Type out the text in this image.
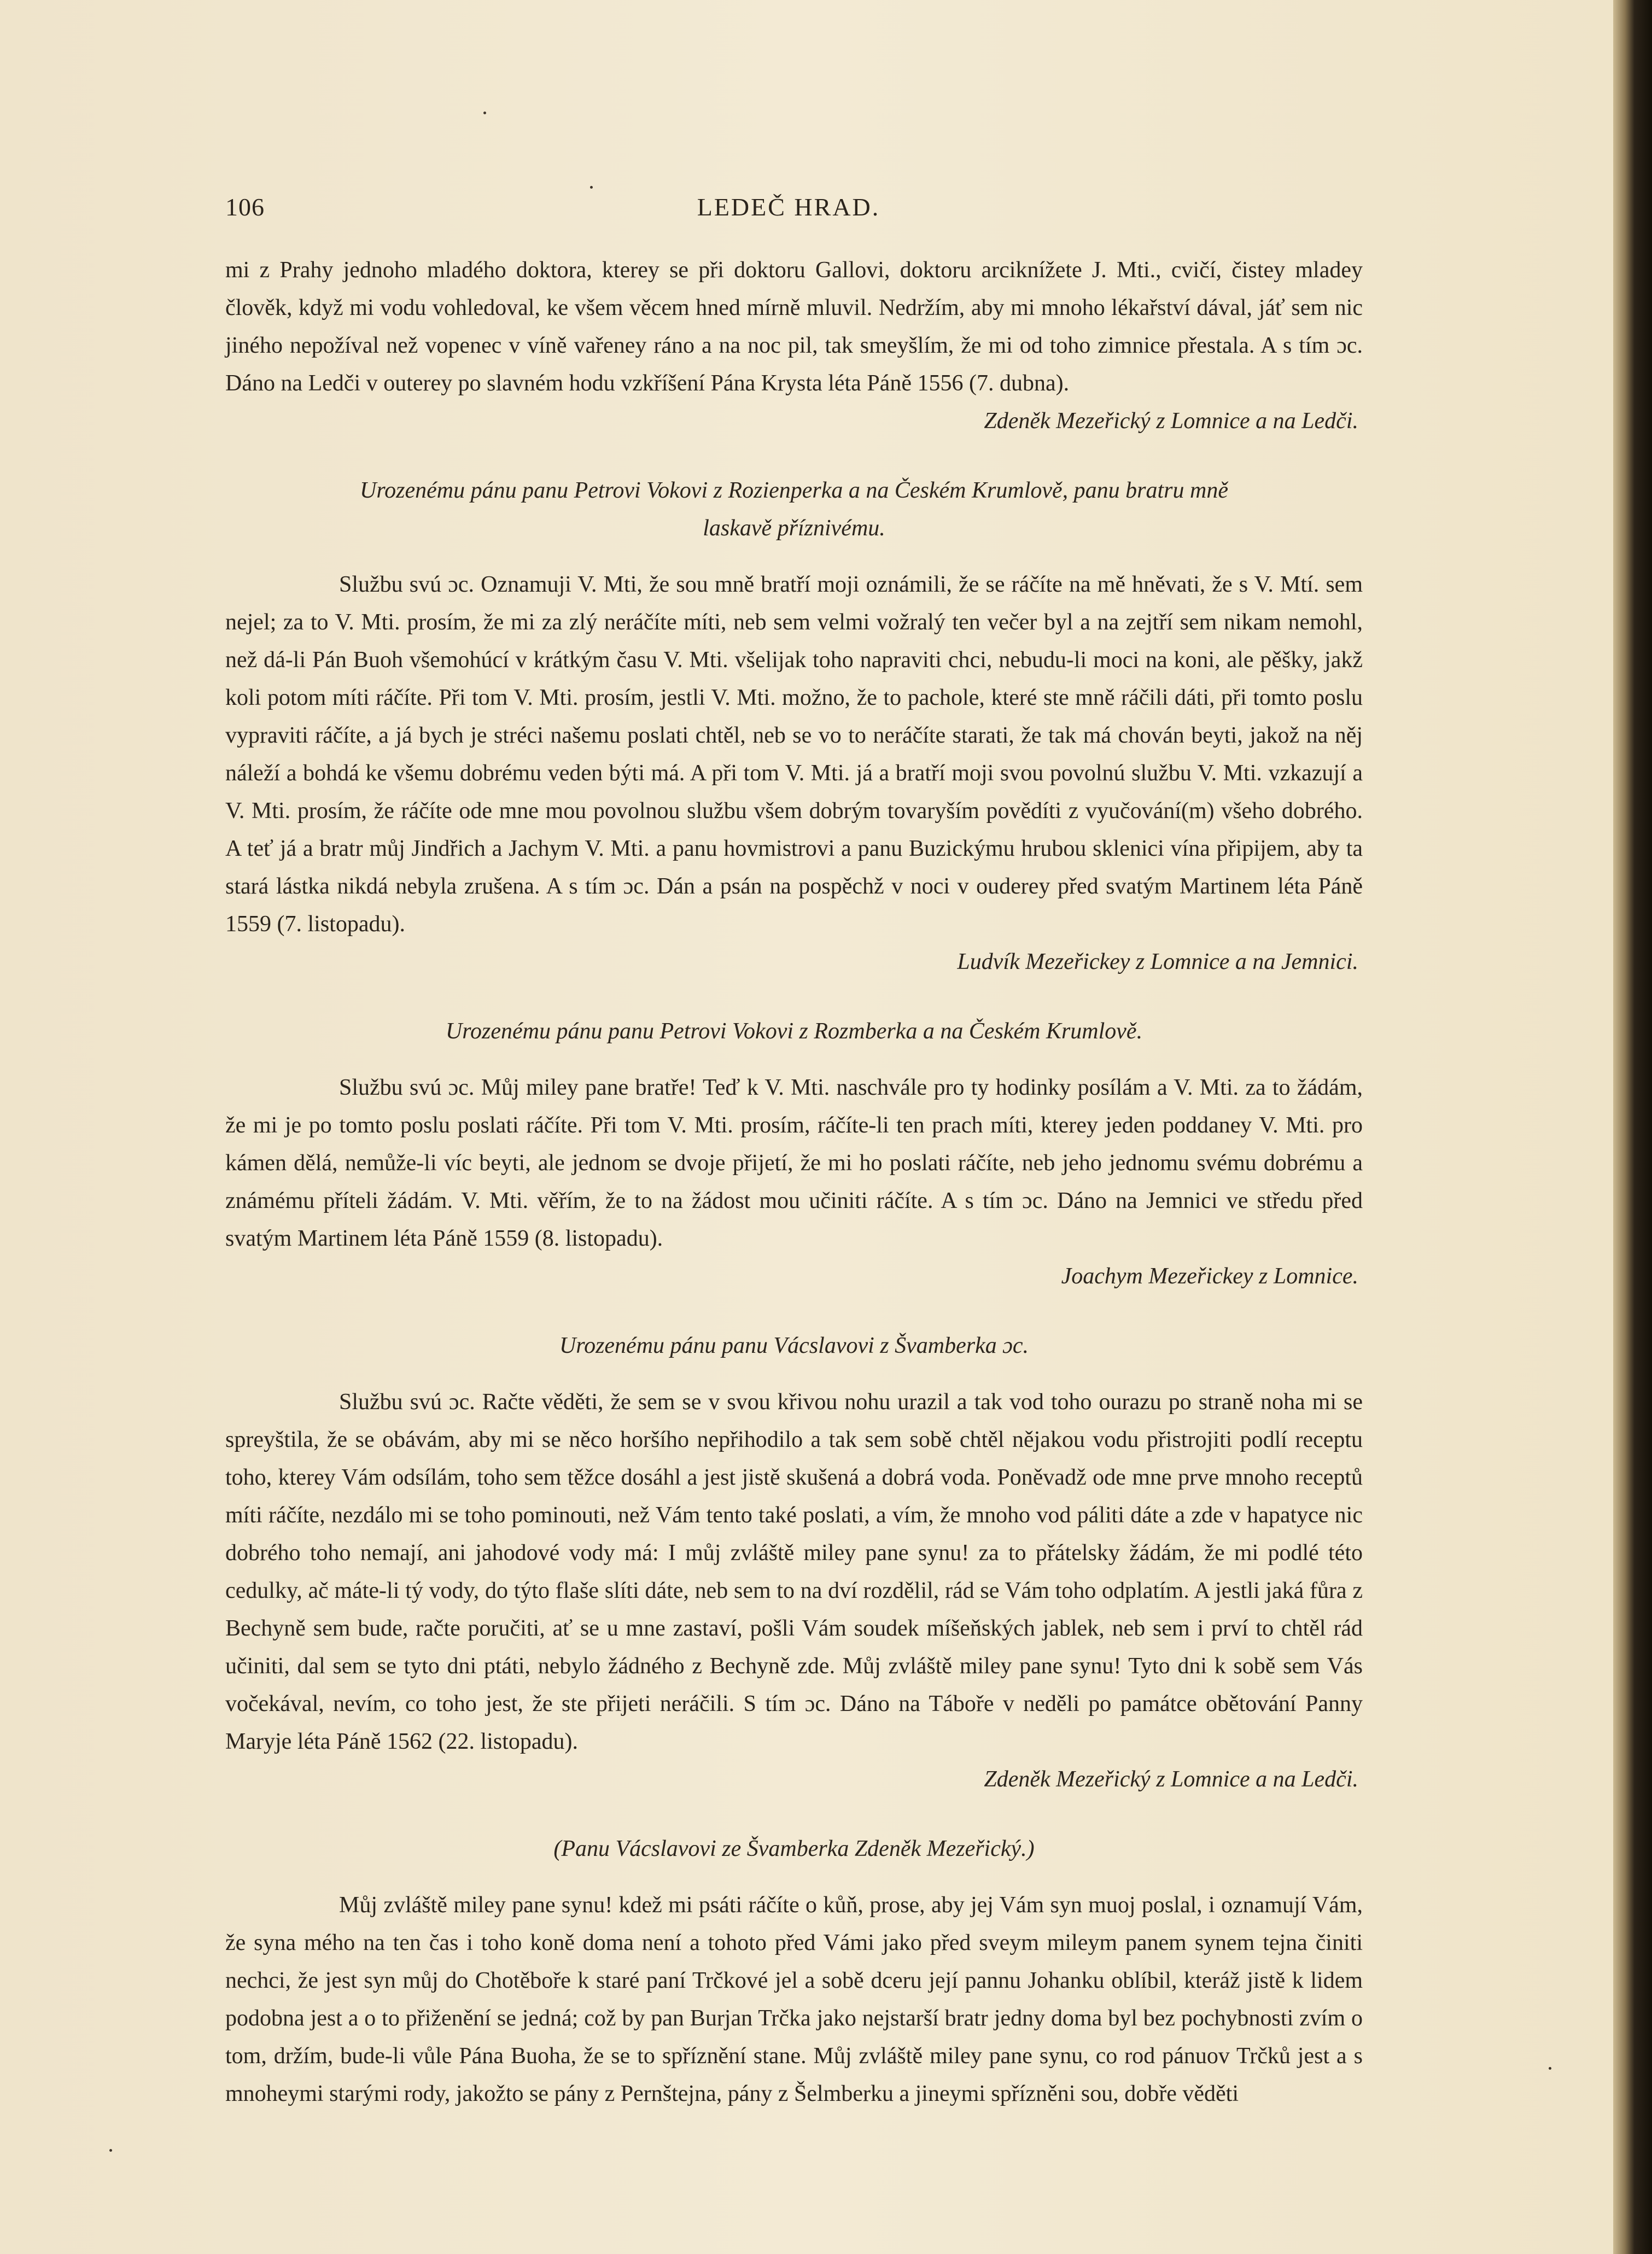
106	LEDEČ HRAD.

mi z Prahy jednoho mladého doktora, kterey se při doktoru Gallovi, doktoru arciknížete J. Mti., cvičí, čistey mladey člověk, když mi vodu vohledoval, ke všem věcem hned mírně mluvil. Nedržím, aby mi mnoho lékařství dával, jáť sem nic jiného nepožíval než vopenec v víně vařeney ráno a na noc pil, tak smeyšlím, že mi od toho zimnice přestala. A s tím ɔc. Dáno na Ledči v outerey po slavném hodu vzkříšení Pána Krysta léta Páně 1556 (7. dubna).

Zdeněk Mezeřický z Lomnice a na Ledči.

Urozenému pánu panu Petrovi Vokovi z Rozienperka a na Českém Krumlově, panu bratru mně laskavě příznivému.

Službu svú ɔc. Oznamuji V. Mti, že sou mně bratří moji oznámili, že se ráčíte na mě hněvati, že s V. Mtí. sem nejel; za to V. Mti. prosím, že mi za zlý neráčíte míti, neb sem velmi vožralý ten večer byl a na zejtří sem nikam nemohl, než dá-li Pán Buoh všemohúcí v krátkým času V. Mti. všelijak toho napraviti chci, nebudu-li moci na koni, ale pěšky, jakž koli potom míti ráčíte. Při tom V. Mti. prosím, jestli V. Mti. možno, že to pachole, které ste mně ráčili dáti, při tomto poslu vypraviti ráčíte, a já bych je stréci našemu poslati chtěl, neb se vo to neráčíte starati, že tak má chován beyti, jakož na něj náleží a bohdá ke všemu dobrému veden býti má. A při tom V. Mti. já a bratří moji svou povolnú službu V. Mti. vzkazují a V. Mti. prosím, že ráčíte ode mne mou povolnou službu všem dobrým tovaryším povědíti z vyučování(m) všeho dobrého. A teť já a bratr můj Jindřich a Jachym V. Mti. a panu hovmistrovi a panu Buzickýmu hrubou sklenici vína připijem, aby ta stará lástka nikdá nebyla zrušena. A s tím ɔc. Dán a psán na pospěchž v noci v ouderey před svatým Martinem léta Páně 1559 (7. listopadu).

Ludvík Mezeřickey z Lomnice a na Jemnici.

Urozenému pánu panu Petrovi Vokovi z Rozmberka a na Českém Krumlově.

Službu svú ɔc. Můj miley pane bratře! Teď k V. Mti. naschvále pro ty hodinky posílám a V. Mti. za to žádám, že mi je po tomto poslu poslati ráčíte. Při tom V. Mti. prosím, ráčíte-li ten prach míti, kterey jeden poddaney V. Mti. pro kámen dělá, nemůže-li víc beyti, ale jednom se dvoje přijetí, že mi ho poslati ráčíte, neb jeho jednomu svému dobrému a známému příteli žádám. V. Mti. věřím, že to na žádost mou učiniti ráčíte. A s tím ɔc. Dáno na Jemnici ve středu před svatým Martinem léta Páně 1559 (8. listopadu).

Joachym Mezeřickey z Lomnice.

Urozenému pánu panu Vácslavovi z Švamberka ɔc.

Službu svú ɔc. Račte věděti, že sem se v svou křivou nohu urazil a tak vod toho ourazu po straně noha mi se spreyštila, že se obávám, aby mi se něco horšího nepřihodilo a tak sem sobě chtěl nějakou vodu přistrojiti podlí receptu toho, kterey Vám odsílám, toho sem těžce dosáhl a jest jistě skušená a dobrá voda. Poněvadž ode mne prve mnoho receptů míti ráčíte, nezdálo mi se toho pominouti, než Vám tento také poslati, a vím, že mnoho vod páliti dáte a zde v hapatyce nic dobrého toho nemají, ani jahodové vody má: I můj zvláště miley pane synu! za to přátelsky žádám, že mi podlé této cedulky, ač máte-li tý vody, do týto flaše slíti dáte, neb sem to na dví rozdělil, rád se Vám toho odplatím. A jestli jaká fůra z Bechyně sem bude, račte poručiti, ať se u mne zastaví, pošli Vám soudek míšeňských jablek, neb sem i prví to chtěl rád učiniti, dal sem se tyto dni ptáti, nebylo žádného z Bechyně zde. Můj zvláště miley pane synu! Tyto dni k sobě sem Vás vočekával, nevím, co toho jest, že ste přijeti neráčili. S tím ɔc. Dáno na Táboře v neděli po památce obětování Panny Maryje léta Páně 1562 (22. listopadu).

Zdeněk Mezeřický z Lomnice a na Ledči.

(Panu Vácslavovi ze Švamberka Zdeněk Mezeřický.)

Můj zvláště miley pane synu! kdež mi psáti ráčíte o kůň, prose, aby jej Vám syn muoj poslal, i oznamují Vám, že syna mého na ten čas i toho koně doma není a tohoto před Vámi jako před sveym mileym panem synem tejna činiti nechci, že jest syn můj do Chotěboře k staré paní Trčkové jel a sobě dceru její pannu Johanku oblíbil, kteráž jistě k lidem podobna jest a o to přiženění se jedná; což by pan Burjan Trčka jako nejstarší bratr jedny doma byl bez pochybnosti zvím o tom, držím, bude-li vůle Pána Buoha, že se to spříznění stane. Můj zvláště miley pane synu, co rod pánuov Trčků jest a s mnoheymi starými rody, jakožto se pány z Pernštejna, pány z Šelmberku a jineymi spřízněni sou, dobře věděti
